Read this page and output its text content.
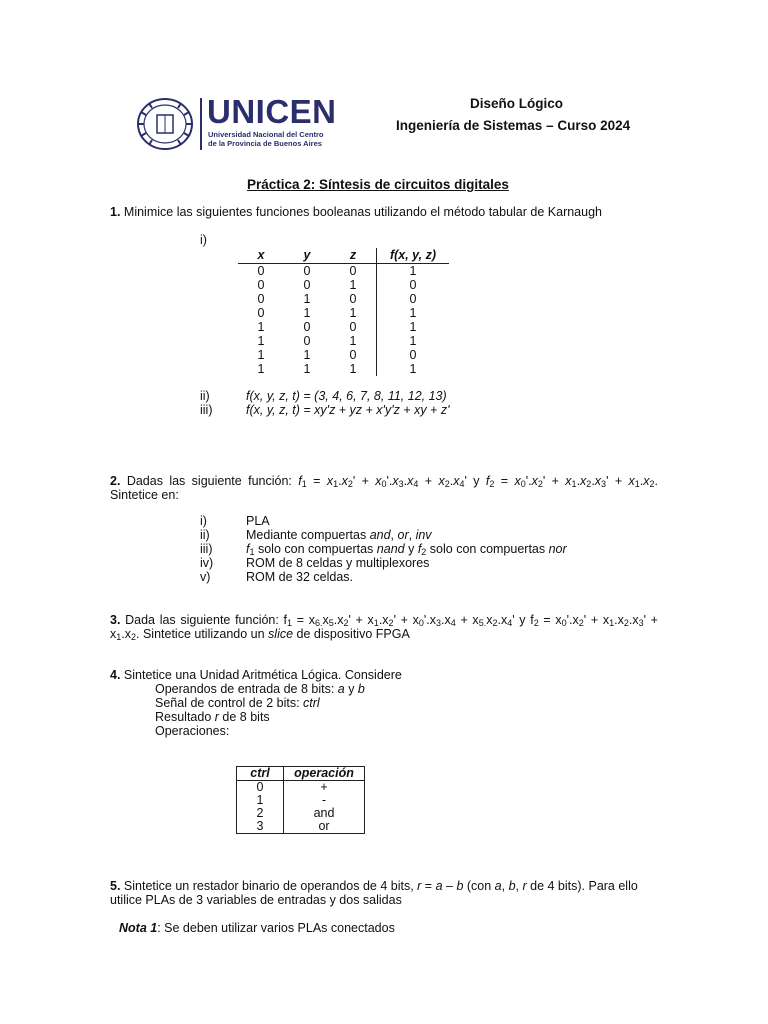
UNICEN
Universidad Nacional del Centro
de la Provincia de Buenos Aires
Diseño Lógico
Ingeniería de Sistemas – Curso 2024
Práctica 2: Síntesis de circuitos digitales
1. Minimice las siguientes funciones booleanas utilizando el método tabular de Karnaugh
i)
x	y	z	f(x, y, z)
0	0	0	1
0	0	1	0
0	1	0	0
0	1	1	1
1	0	0	1
1	0	1	1
1	1	0	0
1	1	1	1
ii)	f(x, y, z, t) = (3, 4, 6, 7, 8, 11, 12, 13)
iii)	f(x, y, z, t) = xy'z + yz + x'y'z + xy + z'
2. Dadas las siguiente función: $f_1 = x_1.x_2' + x_0'.x_3.x_4 + x_2.x_4'$ y $f_2 = x_0'.x_2' + x_1.x_2.x_3' + x_1.x_2$.
Sintetice en:
i)	PLA
ii)	Mediante compuertas and, or, inv
iii)	$f_1$ solo con compuertas nand y $f_2$ solo con compuertas nor
iv)	ROM de 8 celdas y multiplexores
v)	ROM de 32 celdas.
3. Dada las siguiente función: $f_1 = x_{6.}x_5.x_2' + x_1.x_2' + x_0'.x_3.x_4 + x_{5.}x_2.x_4'$ y $f_2 = x_0'.x_2' + x_1.x_2.x_3'$ +
$x_1.x_2$. Sintetice utilizando un slice de dispositivo FPGA
4. Sintetice una Unidad Aritmética Lógica. Considere
Operandos de entrada de 8 bits: a y b
Señal de control de 2 bits: ctrl
Resultado r de 8 bits
Operaciones:
ctrl	operación
0	+
1	-
2	and
3	or
5. Sintetice un restador binario de operandos de 4 bits, r = a – b (con a, b, r de 4 bits). Para ello
utilice PLAs de 3 variables de entradas y dos salidas
Nota 1: Se deben utilizar varios PLAs conectados
